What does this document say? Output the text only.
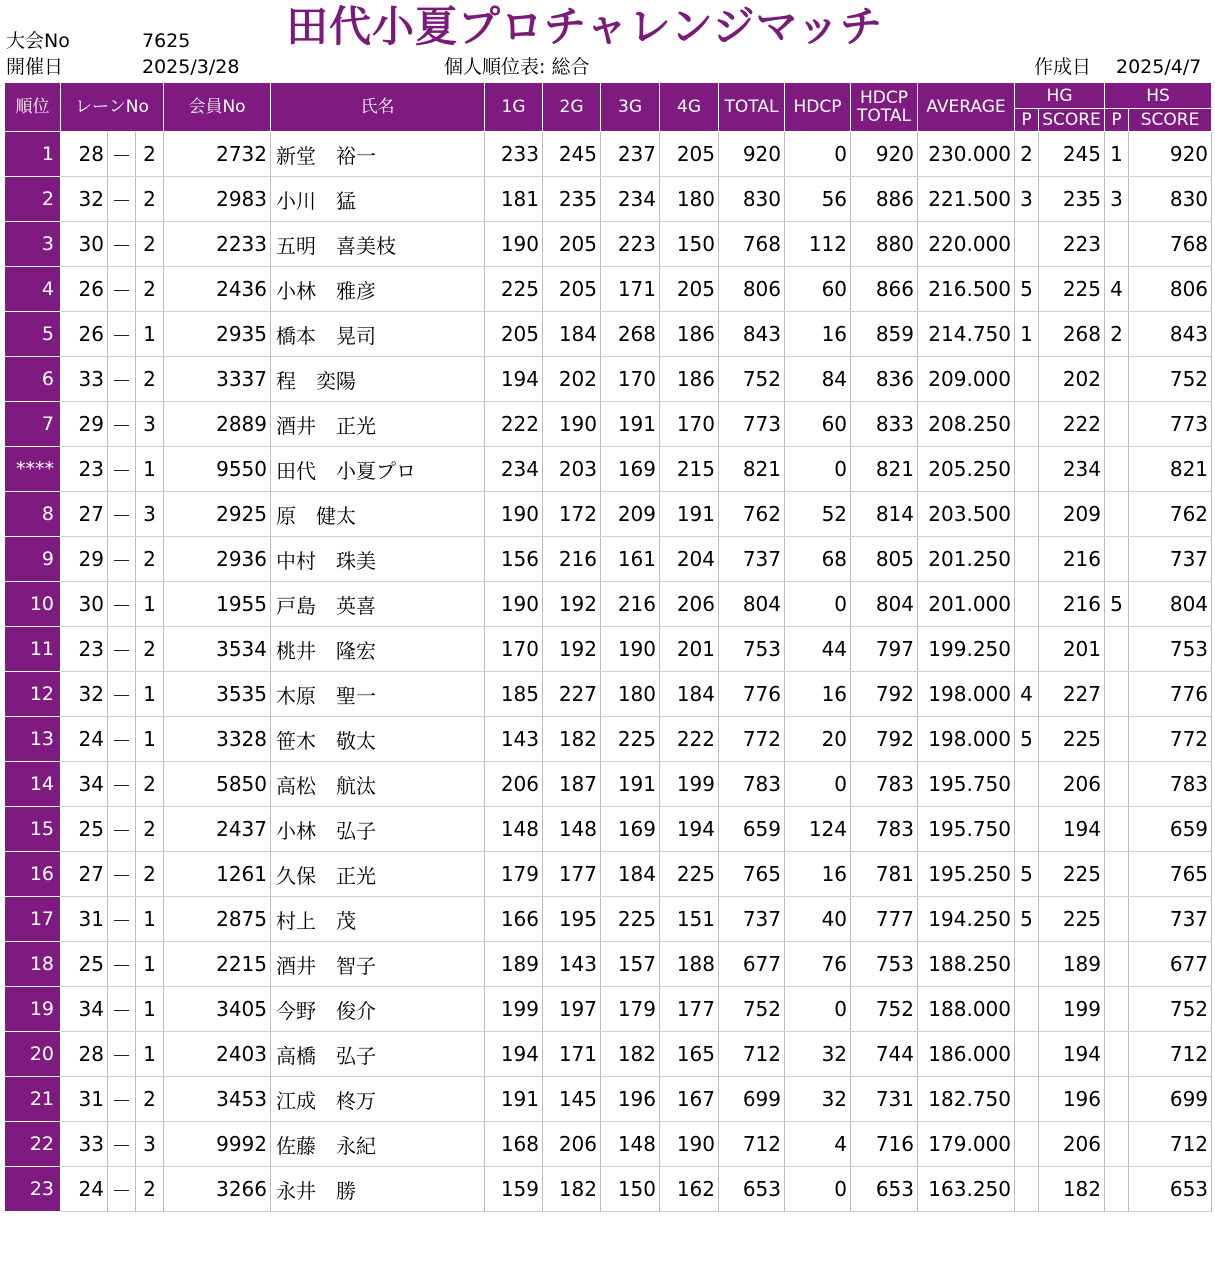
大会No	7625
開催日	2025/3/28
田代小夏プロチャレンジマッチ
個人順位表: 総合	作成日 2025/4/7
順位	レーンNo			会員No	氏名	1G	2G	3G	4G	TOTAL	HDCP	HDCP
TOTAL	AVERAGE	HG		HS	
														P	SCORE	P	SCORE
1	28	－	2	2732	新堂　裕一	233	245	237	205	920	0	920	230.000	2	245	1	920
2	32	－	2	2983	小川　猛	181	235	234	180	830	56	886	221.500	3	235	3	830
3	30	－	2	2233	五明　喜美枝	190	205	223	150	768	112	880	220.000		223		768
4	26	－	2	2436	小林　雅彦	225	205	171	205	806	60	866	216.500	5	225	4	806
5	26	－	1	2935	橋本　晃司	205	184	268	186	843	16	859	214.750	1	268	2	843
6	33	－	2	3337	程　奕陽	194	202	170	186	752	84	836	209.000		202		752
7	29	－	3	2889	酒井　正光	222	190	191	170	773	60	833	208.250		222		773
****	23	－	1	9550	田代　小夏プロ	234	203	169	215	821	0	821	205.250		234		821
8	27	－	3	2925	原　健太	190	172	209	191	762	52	814	203.500		209		762
9	29	－	2	2936	中村　珠美	156	216	161	204	737	68	805	201.250		216		737
10	30	－	1	1955	戸島　英喜	190	192	216	206	804	0	804	201.000		216	5	804
11	23	－	2	3534	桃井　隆宏	170	192	190	201	753	44	797	199.250		201		753
12	32	－	1	3535	木原　聖一	185	227	180	184	776	16	792	198.000	4	227		776
13	24	－	1	3328	笹木　敬太	143	182	225	222	772	20	792	198.000	5	225		772
14	34	－	2	5850	高松　航汰	206	187	191	199	783	0	783	195.750		206		783
15	25	－	2	2437	小林　弘子	148	148	169	194	659	124	783	195.750		194		659
16	27	－	2	1261	久保　正光	179	177	184	225	765	16	781	195.250	5	225		765
17	31	－	1	2875	村上　茂	166	195	225	151	737	40	777	194.250	5	225		737
18	25	－	1	2215	酒井　智子	189	143	157	188	677	76	753	188.250		189		677
19	34	－	1	3405	今野　俊介	199	197	179	177	752	0	752	188.000		199		752
20	28	－	1	2403	高橋　弘子	194	171	182	165	712	32	744	186.000		194		712
21	31	－	2	3453	江成　柊万	191	145	196	167	699	32	731	182.750		196		699
22	33	－	3	9992	佐藤　永紀	168	206	148	190	712	4	716	179.000		206		712
23	24	－	2	3266	永井　勝	159	182	150	162	653	0	653	163.250		182		653
